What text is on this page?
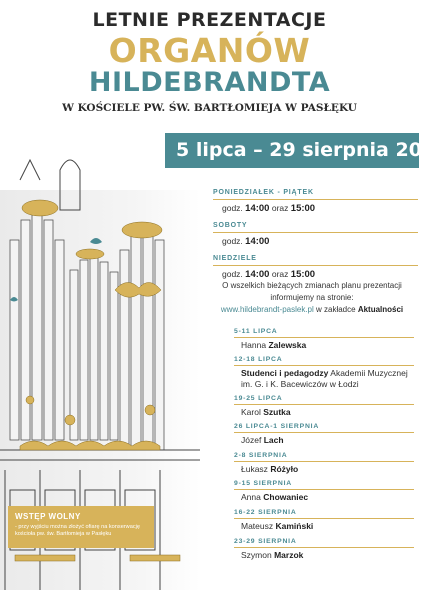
LETNIE PREZENTACJE
ORGANÓW
HILDEBRANDTA
W KOŚCIELE PW. ŚW. BARTŁOMIEJA W PASŁĘKU
5 lipca – 29 sierpnia 2021
PONIEDZIAŁEK - PIĄTEK
godz. 14:00 oraz 15:00
SOBOTY
godz. 14:00
NIEDZIELE
godz. 14:00 oraz 15:00
O wszelkich bieżących zmianach planu prezentacji informujemy na stronie:
www.hildebrandt-paslek.pl w zakładce Aktualności
5-11 LIPCA
Hanna Zalewska
12-18 LIPCA
Studenci i pedagodzy Akademii Muzycznej im. G. i K. Bacewiczów w Łodzi
19-25 LIPCA
Karol Szutka
26 LIPCA-1 SIERPNIA
Józef Lach
2-8 SIERPNIA
Łukasz Różyło
9-15 SIERPNIA
Anna Chowaniec
16-22 SIERPNIA
Mateusz Kamiński
23-29 SIERPNIA
Szymon Marzok
WSTĘP WOLNY
- przy wyjściu można złożyć ofiarę na konserwację kościoła pw. św. Bartłomieja w Pasłęku
